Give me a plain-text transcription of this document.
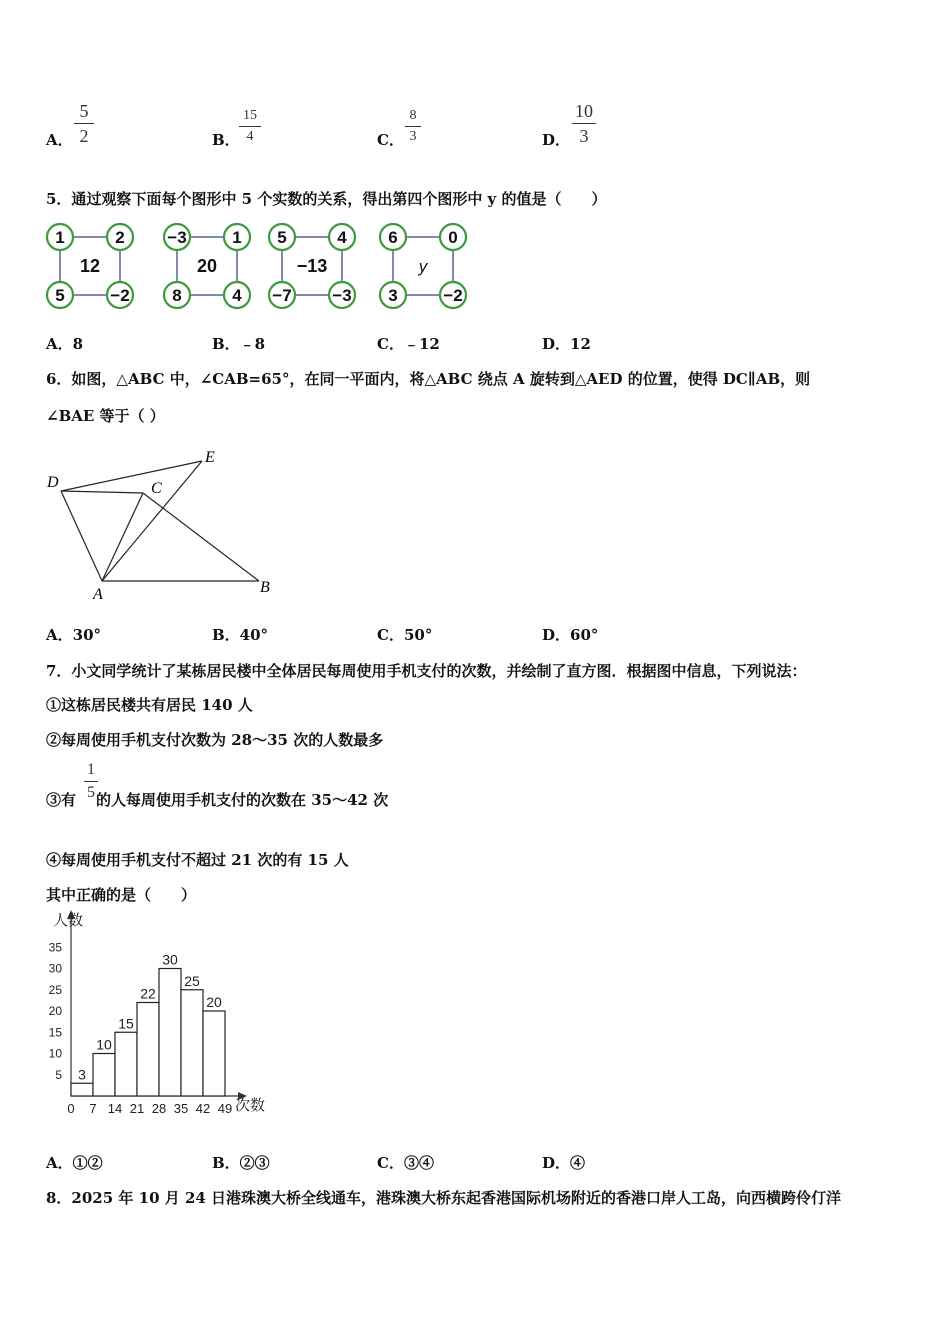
A．
5
2	B．
15
4	C．
8
3	D．
10
3
5．通过观察下面每个图形中 5 个实数的关系，得出第四个图形中 y 的值是（　　）
1	2
5	−2
12
−3	1
8	4
20
5	4
−7 −3
−13
6	0
3	−2
y
A．8	B．﹣8	C．﹣12	D．12
6．如图，△ABC 中，∠CAB=65°，在同一平面内，将△ABC 绕点 A 旋转到△AED 的位置，使得 DC∥AB，则
∠BAE 等于（ ）
D	C
E
A	B
A．30°	B．40°	C．50°	D．60°
7．小文同学统计了某栋居民楼中全体居民每周使用手机支付的次数，并绘制了直方图．根据图中信息，下列说法：
①这栋居民楼共有居民 140 人
②每周使用手机支付次数为 28～35 次的人数最多
③有 的人每周使用手机支付的次数在 35～42 次
1
5
④每周使用手机支付不超过 21 次的有 15 人
其中正确的是（　　）
人数
次数
5
10
15
20
25
30
35
0 7 14 21 28 35 42 49
3
10
15
22
30
25
20
A．①②	B．②③	C．③④	D．④
8．2025 年 10 月 24 日港珠澳大桥全线通车，港珠澳大桥东起香港国际机场附近的香港口岸人工岛，向西横跨伶仃洋
